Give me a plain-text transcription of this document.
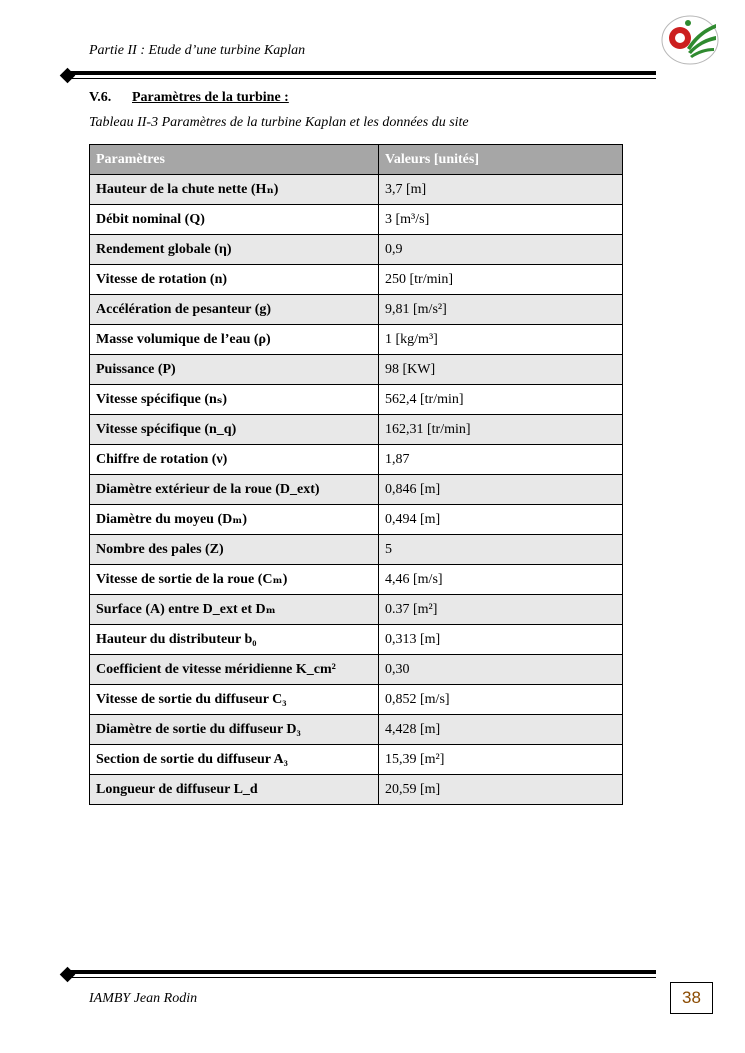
Partie II : Etude d’une turbine Kaplan
V.6. Paramètres de la turbine :
Tableau II-3 Paramètres de la turbine Kaplan et les données du site
Paramètres	Valeurs [unités]
Hauteur de la chute nette (Hₙ)	3,7 [m]
Débit nominal (Q)	3 [m³/s]
Rendement globale (η)	0,9
Vitesse de rotation (n)	250 [tr/min]
Accélération de pesanteur (g)	9,81 [m/s²]
Masse volumique de l’eau (ρ)	1 [kg/m³]
Puissance (P)	98 [KW]
Vitesse spécifique (nₛ)	562,4 [tr/min]
Vitesse spécifique (n_q)	162,31 [tr/min]
Chiffre de rotation (ν)	1,87
Diamètre extérieur de la roue (D_ext)	0,846 [m]
Diamètre du moyeu (Dₘ)	0,494 [m]
Nombre des pales (Z)	5
Vitesse de sortie de la roue (Cₘ)	4,46 [m/s]
Surface (A) entre D_ext et Dₘ	0.37 [m²]
Hauteur du distributeur b₀	0,313 [m]
Coefficient de vitesse méridienne K_cm²	0,30
Vitesse de sortie du diffuseur C₃	0,852 [m/s]
Diamètre de sortie du diffuseur D₃	4,428 [m]
Section de sortie du diffuseur A₃	15,39 [m²]
Longueur de diffuseur L_d	20,59 [m]
IAMBY Jean Rodin	38
